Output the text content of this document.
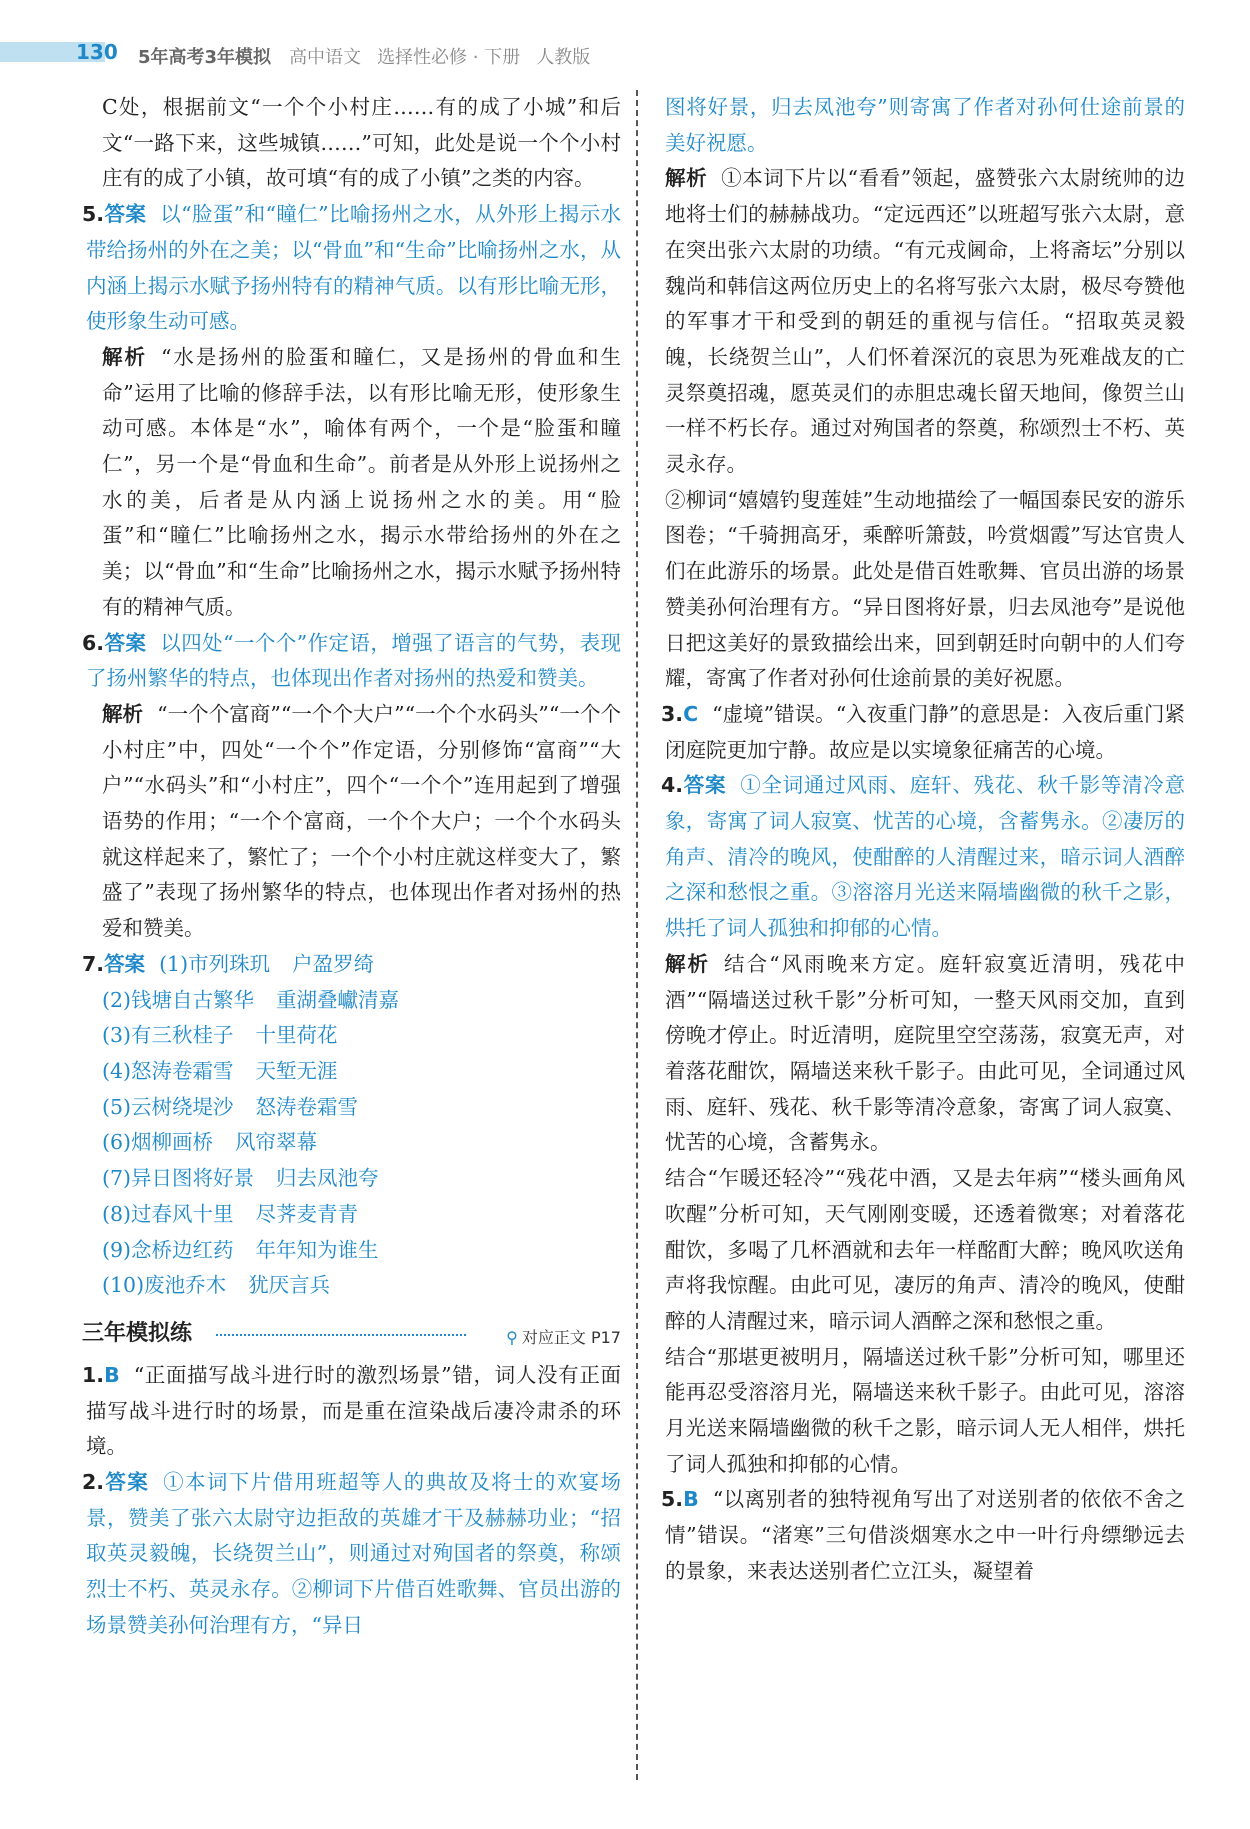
130 5年高考3年模拟 高中语文 选择性必修 · 下册 人教版

C处，根据前文“一个个小村庄……有的成了小城”和后文“一路下来，这些城镇……”可知，此处是说一个个小村庄有的成了小镇，故可填“有的成了小镇”之类的内容。

5.答案 以“脸蛋”和“瞳仁”比喻扬州之水，从外形上揭示水带给扬州的外在之美；以“骨血”和“生命”比喻扬州之水，从内涵上揭示水赋予扬州特有的精神气质。以有形比喻无形，使形象生动可感。

解析 “水是扬州的脸蛋和瞳仁，又是扬州的骨血和生命”运用了比喻的修辞手法，以有形比喻无形，使形象生动可感。本体是“水”，喻体有两个，一个是“脸蛋和瞳仁”，另一个是“骨血和生命”。前者是从外形上说扬州之水的美，后者是从内涵上说扬州之水的美。用“脸蛋”和“瞳仁”比喻扬州之水，揭示水带给扬州的外在之美；以“骨血”和“生命”比喻扬州之水，揭示水赋予扬州特有的精神气质。

6.答案 以四处“一个个”作定语，增强了语言的气势，表现了扬州繁华的特点，也体现出作者对扬州的热爱和赞美。

解析 “一个个富商”“一个个大户”“一个个水码头”“一个个小村庄”中，四处“一个个”作定语，分别修饰“富商”“大户”“水码头”和“小村庄”，四个“一个个”连用起到了增强语势的作用；“一个个富商，一个个大户；一个个水码头就这样起来了，繁忙了；一个个小村庄就这样变大了，繁盛了”表现了扬州繁华的特点，也体现出作者对扬州的热爱和赞美。

7.答案 (1)市列珠玑 户盈罗绮

(2)钱塘自古繁华 重湖叠巘清嘉

(3)有三秋桂子 十里荷花

(4)怒涛卷霜雪 天堑无涯

(5)云树绕堤沙 怒涛卷霜雪

(6)烟柳画桥 风帘翠幕

(7)异日图将好景 归去凤池夸

(8)过春风十里 尽荠麦青青

(9)念桥边红药 年年知为谁生

(10)废池乔木 犹厌言兵

三年模拟练	⚲ 对应正文 P17

1.B “正面描写战斗进行时的激烈场景”错，词人没有正面描写战斗进行时的场景，而是重在渲染战后凄冷肃杀的环境。

2.答案 ①本词下片借用班超等人的典故及将士的欢宴场景，赞美了张六太尉守边拒敌的英雄才干及赫赫功业；“招取英灵毅魄，长绕贺兰山”，则通过对殉国者的祭奠，称颂烈士不朽、英灵永存。②柳词下片借百姓歌舞、官员出游的场景赞美孙何治理有方，“异日

图将好景，归去凤池夸”则寄寓了作者对孙何仕途前景的美好祝愿。

解析 ①本词下片以“看看”领起，盛赞张六太尉统帅的边地将士们的赫赫战功。“定远西还”以班超写张六太尉，意在突出张六太尉的功绩。“有元戎阃命，上将斋坛”分别以魏尚和韩信这两位历史上的名将写张六太尉，极尽夸赞他的军事才干和受到的朝廷的重视与信任。“招取英灵毅魄，长绕贺兰山”，人们怀着深沉的哀思为死难战友的亡灵祭奠招魂，愿英灵们的赤胆忠魂长留天地间，像贺兰山一样不朽长存。通过对殉国者的祭奠，称颂烈士不朽、英灵永存。

②柳词“嬉嬉钓叟莲娃”生动地描绘了一幅国泰民安的游乐图卷；“千骑拥高牙，乘醉听箫鼓，吟赏烟霞”写达官贵人们在此游乐的场景。此处是借百姓歌舞、官员出游的场景赞美孙何治理有方。“异日图将好景，归去凤池夸”是说他日把这美好的景致描绘出来，回到朝廷时向朝中的人们夸耀，寄寓了作者对孙何仕途前景的美好祝愿。

3.C “虚境”错误。“入夜重门静”的意思是：入夜后重门紧闭庭院更加宁静。故应是以实境象征痛苦的心境。

4.答案 ①全词通过风雨、庭轩、残花、秋千影等清冷意象，寄寓了词人寂寞、忧苦的心境，含蓄隽永。②凄厉的角声、清冷的晚风，使酣醉的人清醒过来，暗示词人酒醉之深和愁恨之重。③溶溶月光送来隔墙幽微的秋千之影，烘托了词人孤独和抑郁的心情。

解析 结合“风雨晚来方定。庭轩寂寞近清明，残花中酒”“隔墙送过秋千影”分析可知，一整天风雨交加，直到傍晚才停止。时近清明，庭院里空空荡荡，寂寞无声，对着落花酣饮，隔墙送来秋千影子。由此可见，全词通过风雨、庭轩、残花、秋千影等清冷意象，寄寓了词人寂寞、忧苦的心境，含蓄隽永。

结合“乍暖还轻冷”“残花中酒，又是去年病”“楼头画角风吹醒”分析可知，天气刚刚变暖，还透着微寒；对着落花酣饮，多喝了几杯酒就和去年一样酩酊大醉；晚风吹送角声将我惊醒。由此可见，凄厉的角声、清冷的晚风，使酣醉的人清醒过来，暗示词人酒醉之深和愁恨之重。

结合“那堪更被明月，隔墙送过秋千影”分析可知，哪里还能再忍受溶溶月光，隔墙送来秋千影子。由此可见，溶溶月光送来隔墙幽微的秋千之影，暗示词人无人相伴，烘托了词人孤独和抑郁的心情。

5.B “以离别者的独特视角写出了对送别者的依依不舍之情”错误。“渚寒”三句借淡烟寒水之中一叶行舟缥缈远去的景象，来表达送别者伫立江头，凝望着
